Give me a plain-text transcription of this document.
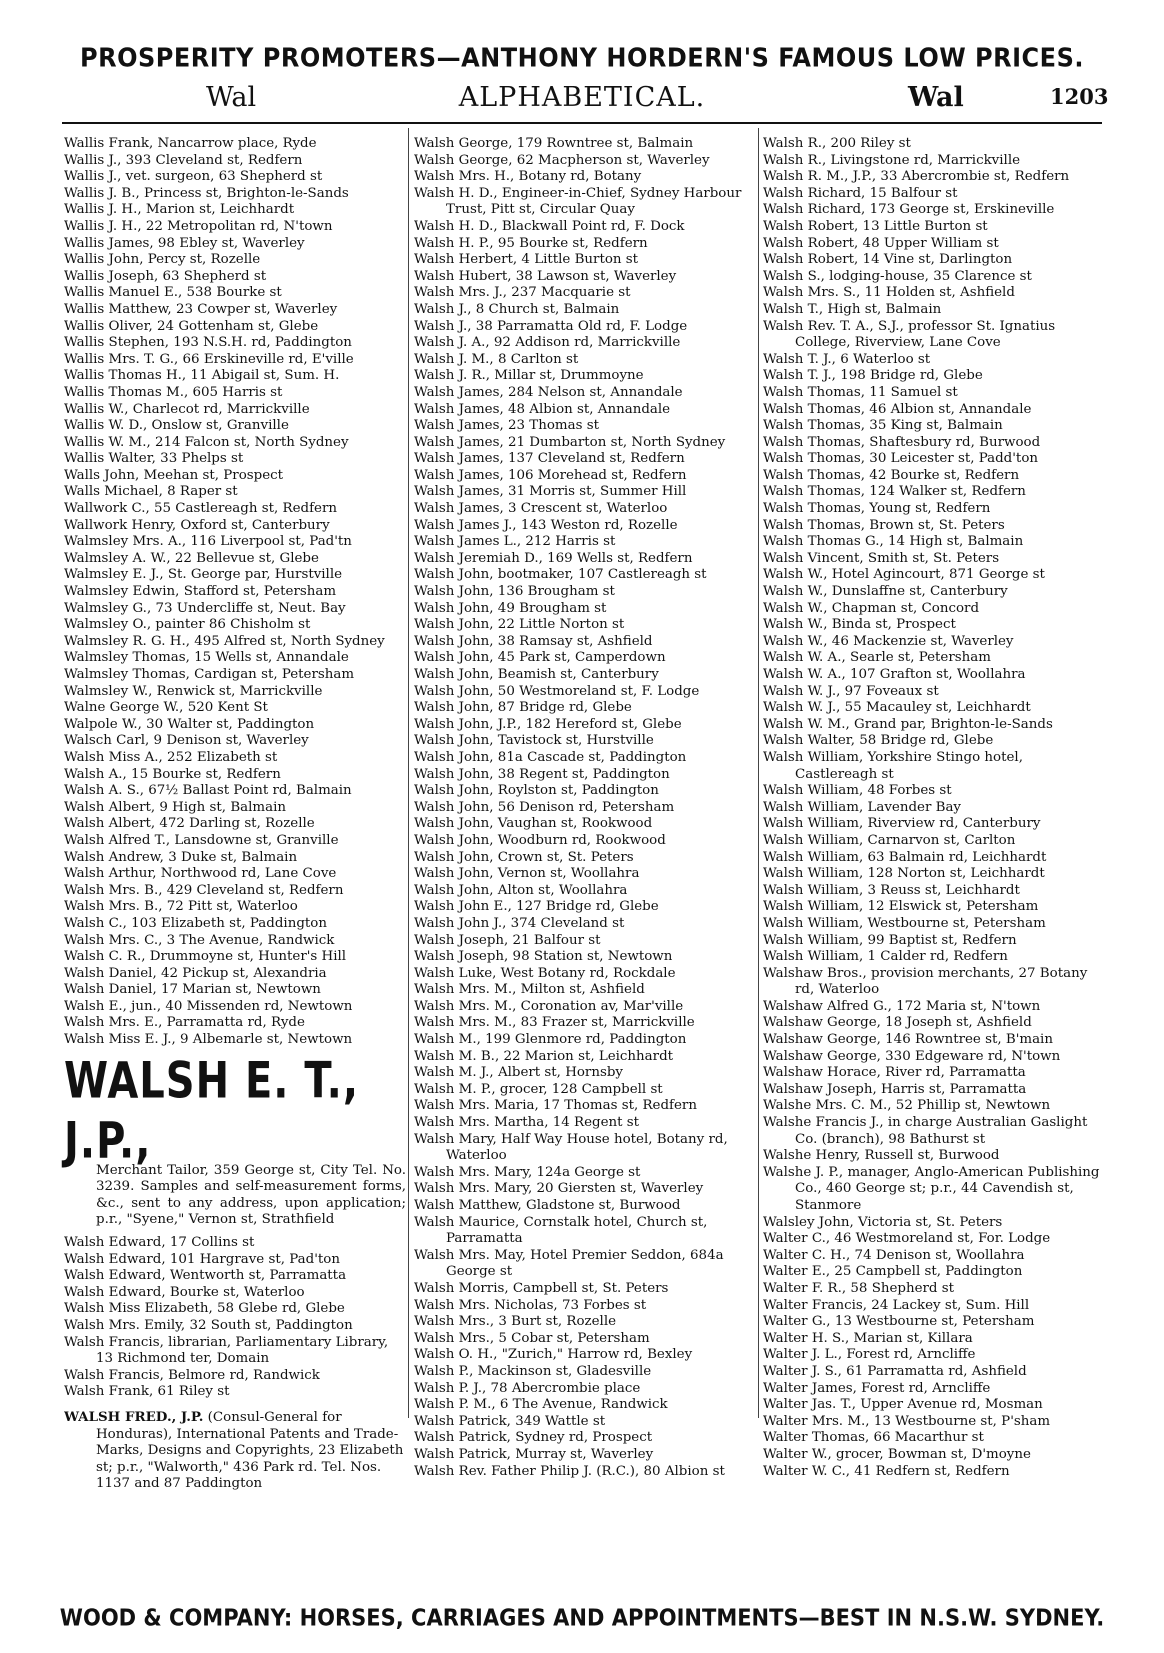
PROSPERITY PROMOTERS—ANTHONY HORDERN'S FAMOUS LOW PRICES.
Wal	ALPHABETICAL.	Wal	1203
Wallis Frank, Nancarrow place, Ryde
Wallis J., 393 Cleveland st, Redfern
Wallis J., vet. surgeon, 63 Shepherd st
Wallis J. B., Princess st, Brighton-le-Sands
Wallis J. H., Marion st, Leichhardt
Wallis J. H., 22 Metropolitan rd, N'town
Wallis James, 98 Ebley st, Waverley
Wallis John, Percy st, Rozelle
Wallis Joseph, 63 Shepherd st
Wallis Manuel E., 538 Bourke st
Wallis Matthew, 23 Cowper st, Waverley
Wallis Oliver, 24 Gottenham st, Glebe
Wallis Stephen, 193 N.S.H. rd, Paddington
Wallis Mrs. T. G., 66 Erskineville rd, E'ville
Wallis Thomas H., 11 Abigail st, Sum. H.
Wallis Thomas M., 605 Harris st
Wallis W., Charlecot rd, Marrickville
Wallis W. D., Onslow st, Granville
Wallis W. M., 214 Falcon st, North Sydney
Wallis Walter, 33 Phelps st
Walls John, Meehan st, Prospect
Walls Michael, 8 Raper st
Wallwork C., 55 Castlereagh st, Redfern
Wallwork Henry, Oxford st, Canterbury
Walmsley Mrs. A., 116 Liverpool st, Pad'tn
Walmsley A. W., 22 Bellevue st, Glebe
Walmsley E. J., St. George par, Hurstville
Walmsley Edwin, Stafford st, Petersham
Walmsley G., 73 Undercliffe st, Neut. Bay
Walmsley O., painter 86 Chisholm st
Walmsley R. G. H., 495 Alfred st, North Sydney
Walmsley Thomas, 15 Wells st, Annandale
Walmsley Thomas, Cardigan st, Petersham
Walmsley W., Renwick st, Marrickville
Walne George W., 520 Kent St
Walpole W., 30 Walter st, Paddington
Walsch Carl, 9 Denison st, Waverley
Walsh Miss A., 252 Elizabeth st
Walsh A., 15 Bourke st, Redfern
Walsh A. S., 67½ Ballast Point rd, Balmain
Walsh Albert, 9 High st, Balmain
Walsh Albert, 472 Darling st, Rozelle
Walsh Alfred T., Lansdowne st, Granville
Walsh Andrew, 3 Duke st, Balmain
Walsh Arthur, Northwood rd, Lane Cove
Walsh Mrs. B., 429 Cleveland st, Redfern
Walsh Mrs. B., 72 Pitt st, Waterloo
Walsh C., 103 Elizabeth st, Paddington
Walsh Mrs. C., 3 The Avenue, Randwick
Walsh C. R., Drummoyne st, Hunter's Hill
Walsh Daniel, 42 Pickup st, Alexandria
Walsh Daniel, 17 Marian st, Newtown
Walsh E., jun., 40 Missenden rd, Newtown
Walsh Mrs. E., Parramatta rd, Ryde
Walsh Miss E. J., 9 Albemarle st, Newtown
WALSH E. T., J.P.,
Merchant Tailor, 359 George st, City Tel. No. 3239. Samples and self-measurement forms, &c., sent to any address, upon application; p.r., "Syene," Vernon st, Strathfield
Walsh Edward, 17 Collins st
Walsh Edward, 101 Hargrave st, Pad'ton
Walsh Edward, Wentworth st, Parramatta
Walsh Edward, Bourke st, Waterloo
Walsh Miss Elizabeth, 58 Glebe rd, Glebe
Walsh Mrs. Emily, 32 South st, Paddington
Walsh Francis, librarian, Parliamentary Library, 13 Richmond ter, Domain
Walsh Francis, Belmore rd, Randwick
Walsh Frank, 61 Riley st
WALSH FRED., J.P. (Consul-General for Honduras), International Patents and Trade-Marks, Designs and Copyrights, 23 Elizabeth st; p.r., "Walworth," 436 Park rd. Tel. Nos. 1137 and 87 Paddington
Walsh George, 179 Rowntree st, Balmain
Walsh George, 62 Macpherson st, Waverley
Walsh Mrs. H., Botany rd, Botany
Walsh H. D., Engineer-in-Chief, Sydney Harbour Trust, Pitt st, Circular Quay
Walsh H. D., Blackwall Point rd, F. Dock
Walsh H. P., 95 Bourke st, Redfern
Walsh Herbert, 4 Little Burton st
Walsh Hubert, 38 Lawson st, Waverley
Walsh Mrs. J., 237 Macquarie st
Walsh J., 8 Church st, Balmain
Walsh J., 38 Parramatta Old rd, F. Lodge
Walsh J. A., 92 Addison rd, Marrickville
Walsh J. M., 8 Carlton st
Walsh J. R., Millar st, Drummoyne
Walsh James, 284 Nelson st, Annandale
Walsh James, 48 Albion st, Annandale
Walsh James, 23 Thomas st
Walsh James, 21 Dumbarton st, North Sydney
Walsh James, 137 Cleveland st, Redfern
Walsh James, 106 Morehead st, Redfern
Walsh James, 31 Morris st, Summer Hill
Walsh James, 3 Crescent st, Waterloo
Walsh James J., 143 Weston rd, Rozelle
Walsh James L., 212 Harris st
Walsh Jeremiah D., 169 Wells st, Redfern
Walsh John, bootmaker, 107 Castlereagh st
Walsh John, 136 Brougham st
Walsh John, 49 Brougham st
Walsh John, 22 Little Norton st
Walsh John, 38 Ramsay st, Ashfield
Walsh John, 45 Park st, Camperdown
Walsh John, Beamish st, Canterbury
Walsh John, 50 Westmoreland st, F. Lodge
Walsh John, 87 Bridge rd, Glebe
Walsh John, J.P., 182 Hereford st, Glebe
Walsh John, Tavistock st, Hurstville
Walsh John, 81a Cascade st, Paddington
Walsh John, 38 Regent st, Paddington
Walsh John, Roylston st, Paddington
Walsh John, 56 Denison rd, Petersham
Walsh John, Vaughan st, Rookwood
Walsh John, Woodburn rd, Rookwood
Walsh John, Crown st, St. Peters
Walsh John, Vernon st, Woollahra
Walsh John, Alton st, Woollahra
Walsh John E., 127 Bridge rd, Glebe
Walsh John J., 374 Cleveland st
Walsh Joseph, 21 Balfour st
Walsh Joseph, 98 Station st, Newtown
Walsh Luke, West Botany rd, Rockdale
Walsh Mrs. M., Milton st, Ashfield
Walsh Mrs. M., Coronation av, Mar'ville
Walsh Mrs. M., 83 Frazer st, Marrickville
Walsh M., 199 Glenmore rd, Paddington
Walsh M. B., 22 Marion st, Leichhardt
Walsh M. J., Albert st, Hornsby
Walsh M. P., grocer, 128 Campbell st
Walsh Mrs. Maria, 17 Thomas st, Redfern
Walsh Mrs. Martha, 14 Regent st
Walsh Mary, Half Way House hotel, Botany rd, Waterloo
Walsh Mrs. Mary, 124a George st
Walsh Mrs. Mary, 20 Giersten st, Waverley
Walsh Matthew, Gladstone st, Burwood
Walsh Maurice, Cornstalk hotel, Church st, Parramatta
Walsh Mrs. May, Hotel Premier Seddon, 684a George st
Walsh Morris, Campbell st, St. Peters
Walsh Mrs. Nicholas, 73 Forbes st
Walsh Mrs., 3 Burt st, Rozelle
Walsh Mrs., 5 Cobar st, Petersham
Walsh O. H., "Zurich," Harrow rd, Bexley
Walsh P., Mackinson st, Gladesville
Walsh P. J., 78 Abercrombie place
Walsh P. M., 6 The Avenue, Randwick
Walsh Patrick, 349 Wattle st
Walsh Patrick, Sydney rd, Prospect
Walsh Patrick, Murray st, Waverley
Walsh Rev. Father Philip J. (R.C.), 80 Albion st
Walsh R., 200 Riley st
Walsh R., Livingstone rd, Marrickville
Walsh R. M., J.P., 33 Abercrombie st, Redfern
Walsh Richard, 15 Balfour st
Walsh Richard, 173 George st, Erskineville
Walsh Robert, 13 Little Burton st
Walsh Robert, 48 Upper William st
Walsh Robert, 14 Vine st, Darlington
Walsh S., lodging-house, 35 Clarence st
Walsh Mrs. S., 11 Holden st, Ashfield
Walsh T., High st, Balmain
Walsh Rev. T. A., S.J., professor St. Ignatius College, Riverview, Lane Cove
Walsh T. J., 6 Waterloo st
Walsh T. J., 198 Bridge rd, Glebe
Walsh Thomas, 11 Samuel st
Walsh Thomas, 46 Albion st, Annandale
Walsh Thomas, 35 King st, Balmain
Walsh Thomas, Shaftesbury rd, Burwood
Walsh Thomas, 30 Leicester st, Padd'ton
Walsh Thomas, 42 Bourke st, Redfern
Walsh Thomas, 124 Walker st, Redfern
Walsh Thomas, Young st, Redfern
Walsh Thomas, Brown st, St. Peters
Walsh Thomas G., 14 High st, Balmain
Walsh Vincent, Smith st, St. Peters
Walsh W., Hotel Agincourt, 871 George st
Walsh W., Dunslaffne st, Canterbury
Walsh W., Chapman st, Concord
Walsh W., Binda st, Prospect
Walsh W., 46 Mackenzie st, Waverley
Walsh W. A., Searle st, Petersham
Walsh W. A., 107 Grafton st, Woollahra
Walsh W. J., 97 Foveaux st
Walsh W. J., 55 Macauley st, Leichhardt
Walsh W. M., Grand par, Brighton-le-Sands
Walsh Walter, 58 Bridge rd, Glebe
Walsh William, Yorkshire Stingo hotel, Castlereagh st
Walsh William, 48 Forbes st
Walsh William, Lavender Bay
Walsh William, Riverview rd, Canterbury
Walsh William, Carnarvon st, Carlton
Walsh William, 63 Balmain rd, Leichhardt
Walsh William, 128 Norton st, Leichhardt
Walsh William, 3 Reuss st, Leichhardt
Walsh William, 12 Elswick st, Petersham
Walsh William, Westbourne st, Petersham
Walsh William, 99 Baptist st, Redfern
Walsh William, 1 Calder rd, Redfern
Walshaw Bros., provision merchants, 27 Botany rd, Waterloo
Walshaw Alfred G., 172 Maria st, N'town
Walshaw George, 18 Joseph st, Ashfield
Walshaw George, 146 Rowntree st, B'main
Walshaw George, 330 Edgeware rd, N'town
Walshaw Horace, River rd, Parramatta
Walshaw Joseph, Harris st, Parramatta
Walshe Mrs. C. M., 52 Phillip st, Newtown
Walshe Francis J., in charge Australian Gaslight Co. (branch), 98 Bathurst st
Walshe Henry, Russell st, Burwood
Walshe J. P., manager, Anglo-American Publishing Co., 460 George st; p.r., 44 Cavendish st, Stanmore
Walsley John, Victoria st, St. Peters
Walter C., 46 Westmoreland st, For. Lodge
Walter C. H., 74 Denison st, Woollahra
Walter E., 25 Campbell st, Paddington
Walter F. R., 58 Shepherd st
Walter Francis, 24 Lackey st, Sum. Hill
Walter G., 13 Westbourne st, Petersham
Walter H. S., Marian st, Killara
Walter J. L., Forest rd, Arncliffe
Walter J. S., 61 Parramatta rd, Ashfield
Walter James, Forest rd, Arncliffe
Walter Jas. T., Upper Avenue rd, Mosman
Walter Mrs. M., 13 Westbourne st, P'sham
Walter Thomas, 66 Macarthur st
Walter W., grocer, Bowman st, D'moyne
Walter W. C., 41 Redfern st, Redfern
WOOD & COMPANY: HORSES, CARRIAGES AND APPOINTMENTS—BEST IN N.S.W. SYDNEY.
